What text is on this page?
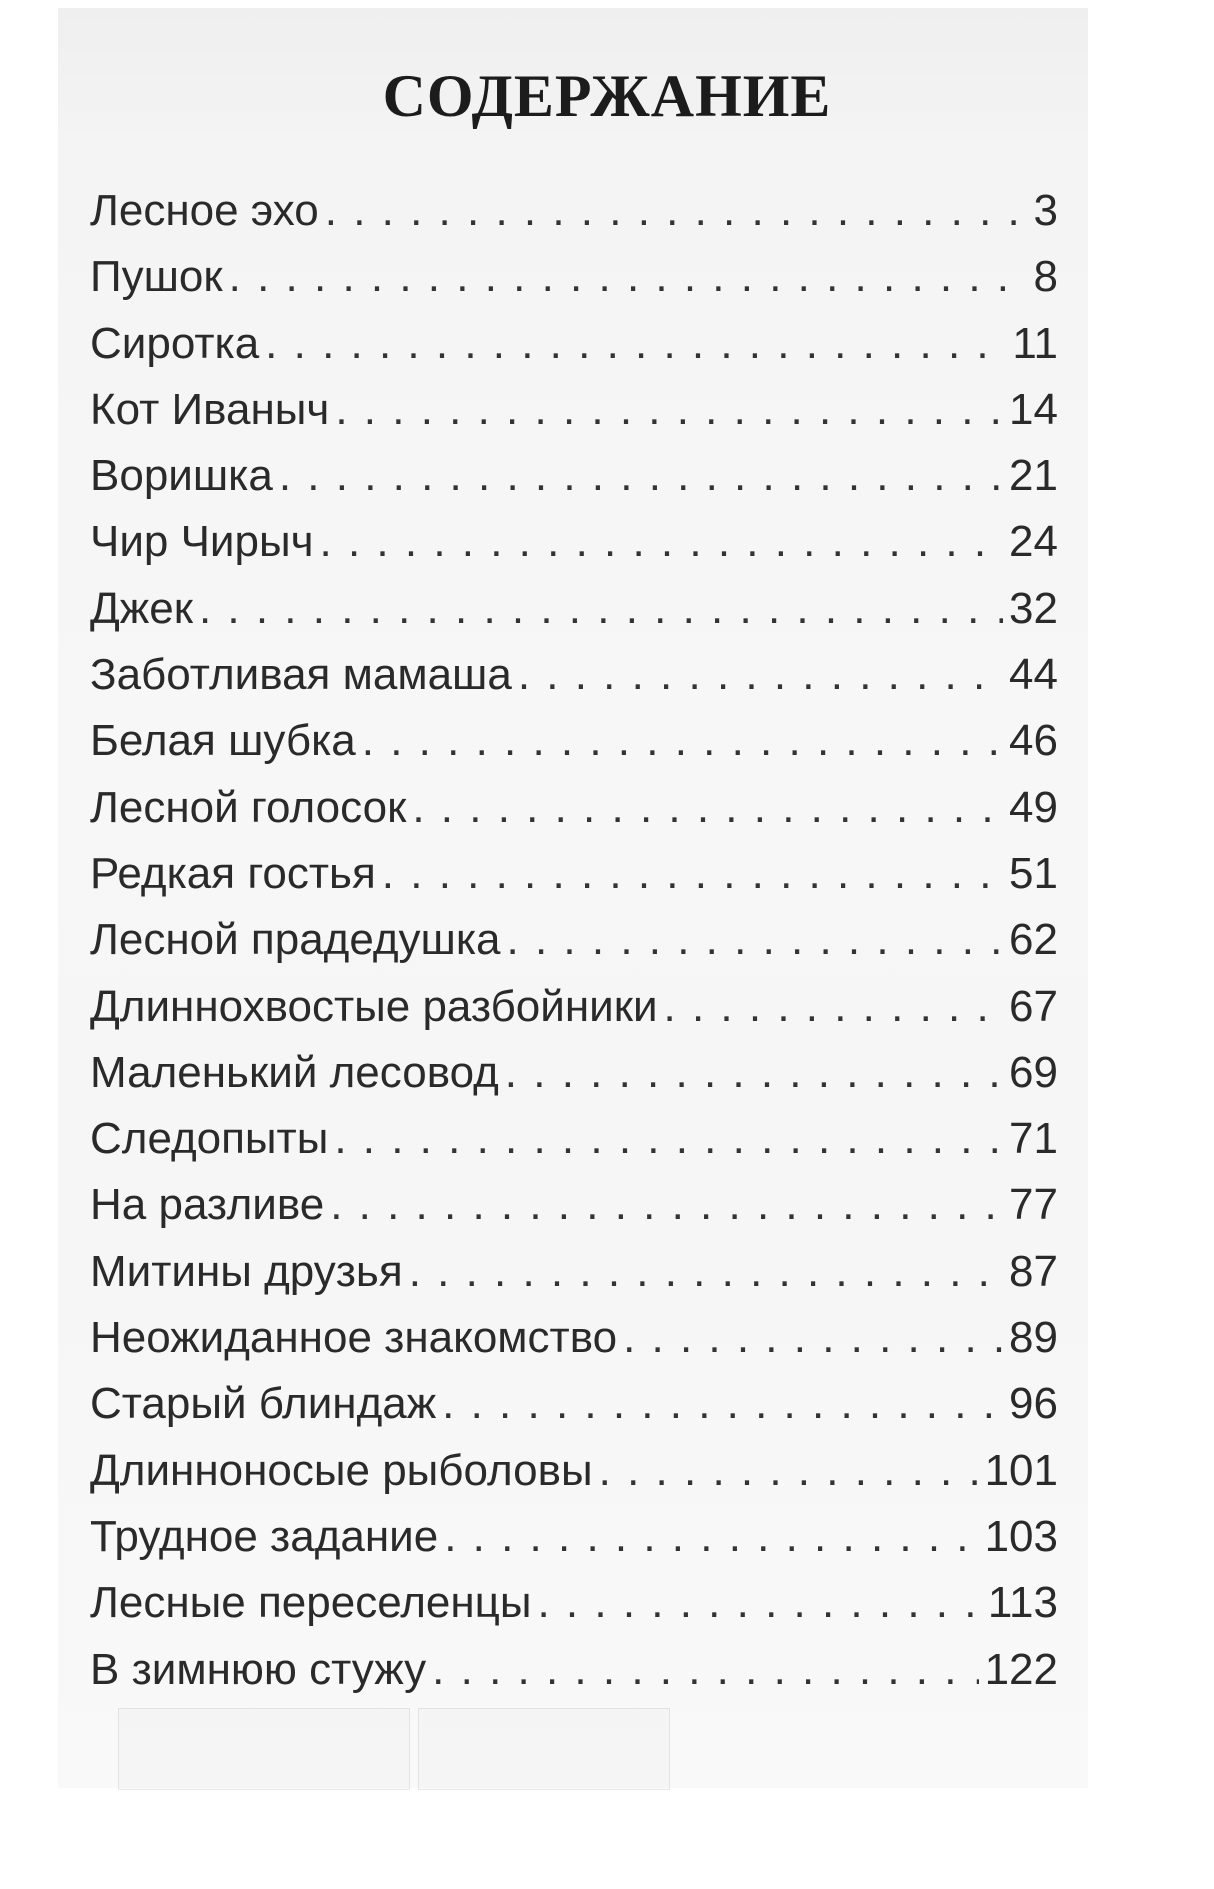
СОДЕРЖАНИЕ
Лесное эхо . . .	3
Пушок . . .	8
Сиротка . . .	11
Кот Иваныч . . .	14
Воришка . . .	21
Чир Чирыч . . .	24
Джек . . .	32
Заботливая мамаша . . .	44
Белая шубка . . .	46
Лесной голосок . . .	49
Редкая гостья . . .	51
Лесной прадедушка . . .	62
Длиннохвостые разбойники . . .	67
Маленький лесовод . . .	69
Следопыты . . .	71
На разливе . . .	77
Митины друзья . . .	87
Неожиданное знакомство . . .	89
Старый блиндаж . . .	96
Длинноносые рыболовы . . .	101
Трудное задание . . .	103
Лесные переселенцы . . .	113
В зимнюю стужу . . .	122
